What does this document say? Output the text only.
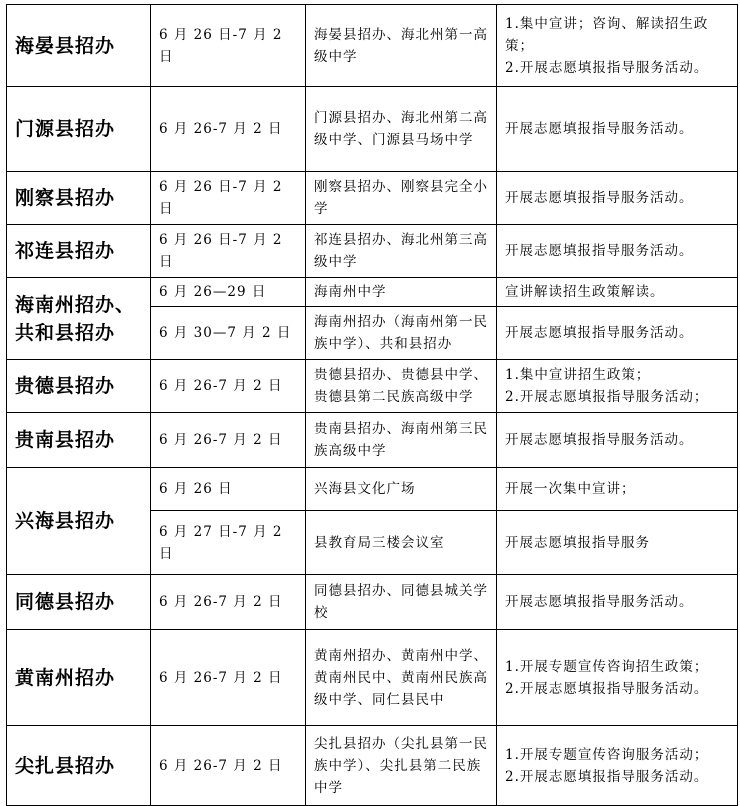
海晏县招办	6 月 26 日-7 月 2 日	海晏县招办、海北州第一高级中学	1.集中宣讲；咨询、解读招生政策；
2.开展志愿填报指导服务活动。

门源县招办	6 月 26-7 月 2 日	门源县招办、海北州第二高级中学、门源县马场中学	开展志愿填报指导服务活动。

刚察县招办	6 月 26 日-7 月 2 日	刚察县招办、刚察县完全小学	开展志愿填报指导服务活动。

祁连县招办	6 月 26 日-7 月 2 日	祁连县招办、海北州第三高级中学	开展志愿填报指导服务活动。

海南州招办、共和县招办	6 月 26—29 日	海南州中学	宣讲解读招生政策解读。

	6 月 30—7 月 2 日	海南州招办（海南州第一民族中学）、共和县招办	开展志愿填报指导服务活动。

贵德县招办	6 月 26-7 月 2 日	贵德县招办、贵德县中学、贵德县第二民族高级中学	1.集中宣讲招生政策；
2.开展志愿填报指导服务活动；

贵南县招办	6 月 26-7 月 2 日	贵南县招办、海南州第三民族高级中学	开展志愿填报指导服务活动。

兴海县招办	6 月 26 日	兴海县文化广场	开展一次集中宣讲；

	6 月 27 日-7 月 2 日	县教育局三楼会议室	开展志愿填报指导服务

同德县招办	6 月 26-7 月 2 日	同德县招办、同德县城关学校	开展志愿填报指导服务活动。

黄南州招办	6 月 26-7 月 2 日	黄南州招办、黄南州中学、黄南州民中、黄南州民族高级中学、同仁县民中	1.开展专题宣传咨询招生政策；
2.开展志愿填报指导服务活动。

尖扎县招办	6 月 26-7 月 2 日	尖扎县招办（尖扎县第一民族中学）、尖扎县第二民族中学	1.开展专题宣传咨询服务活动；
2.开展志愿填报指导服务活动。
